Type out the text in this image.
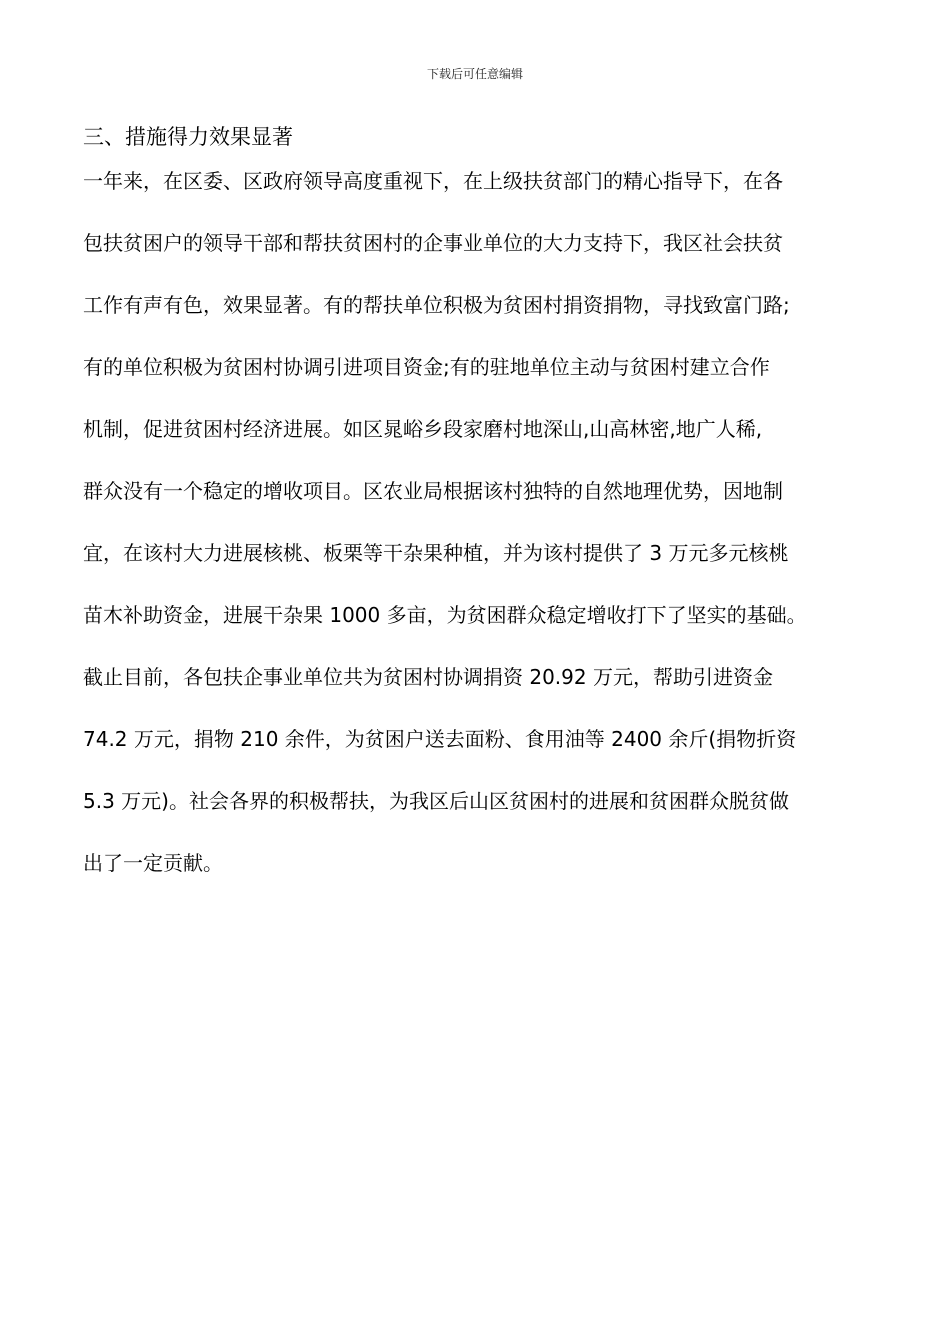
下载后可任意编辑
三、措施得力效果显著
一年来，在区委、区政府领导高度重视下，在上级扶贫部门的精心指导下，在各
包扶贫困户的领导干部和帮扶贫困村的企事业单位的大力支持下，我区社会扶贫
工作有声有色，效果显著。有的帮扶单位积极为贫困村捐资捐物，寻找致富门路;
有的单位积极为贫困村协调引进项目资金;有的驻地单位主动与贫困村建立合作
机制，促进贫困村经济进展。如区晁峪乡段家磨村地深山,山高林密,地广人稀,
群众没有一个稳定的增收项目。区农业局根据该村独特的自然地理优势，因地制
宜，在该村大力进展核桃、板栗等干杂果种植，并为该村提供了 3 万元多元核桃
苗木补助资金，进展干杂果 1000 多亩，为贫困群众稳定增收打下了坚实的基础。
截止目前，各包扶企事业单位共为贫困村协调捐资 20.92 万元，帮助引进资金
74.2 万元，捐物 210 余件，为贫困户送去面粉、食用油等 2400 余斤(捐物折资
5.3 万元)。社会各界的积极帮扶，为我区后山区贫困村的进展和贫困群众脱贫做
出了一定贡献。
